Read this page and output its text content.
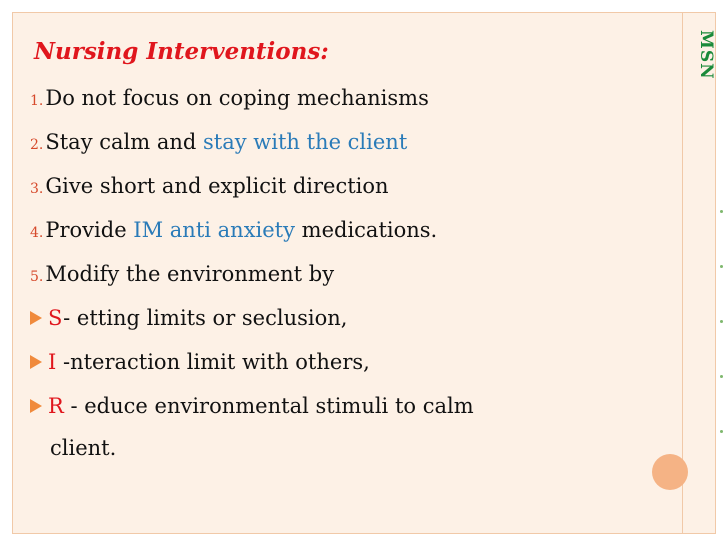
MSN
Nursing Interventions:
1.Do not focus on coping mechanisms
2.Stay calm and stay with the client
3.Give short and explicit direction
4.Provide IM anti anxiety medications.
5.Modify the environment by
S- etting limits or seclusion,
I -nteraction limit with others,
R - educe environmental stimuli to calm
client.
